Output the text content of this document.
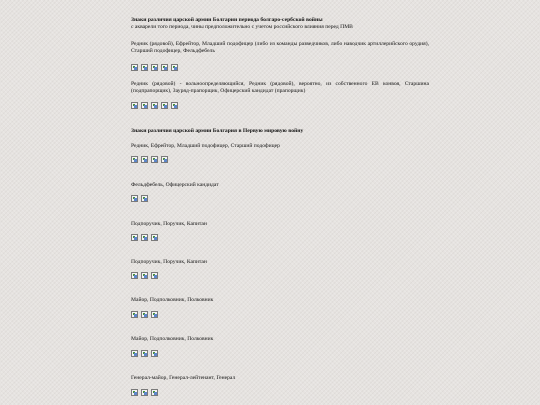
Знаки различия царской армии Болгарии периода болгаро-сербской войны
с акварели того периода, чины предположительно с учетом российского влияния перед ПМВ

Редник (рядовой), Ефрейтор, Младший подофицер (либо из команды разведчиков, либо наводчик артиллерийского орудия), Старший подофицер, Фельдфебель

Редник (рядовой) - вольноопределяющийся, Редник (рядовой), вероятно, из собственного ЕВ конвоя, Старшина (подпрапорщик), Зауряд-прапорщик, Офицерский кандидат (прапорщик)

Знаки различия царской армии Болгария в Первую мировую войну
Редник, Ефрейтор, Младший подофицер, Старший подофицер
Фельдфебель, Офицерский кандидат
Подпоручик, Поручик, Капитан
Подпоручик, Поручик, Капитан
Майор, Подполковник, Полковник
Майор, Подполковник, Полковник
Генерал-майор, Генерал-лейтенант, Генерал
